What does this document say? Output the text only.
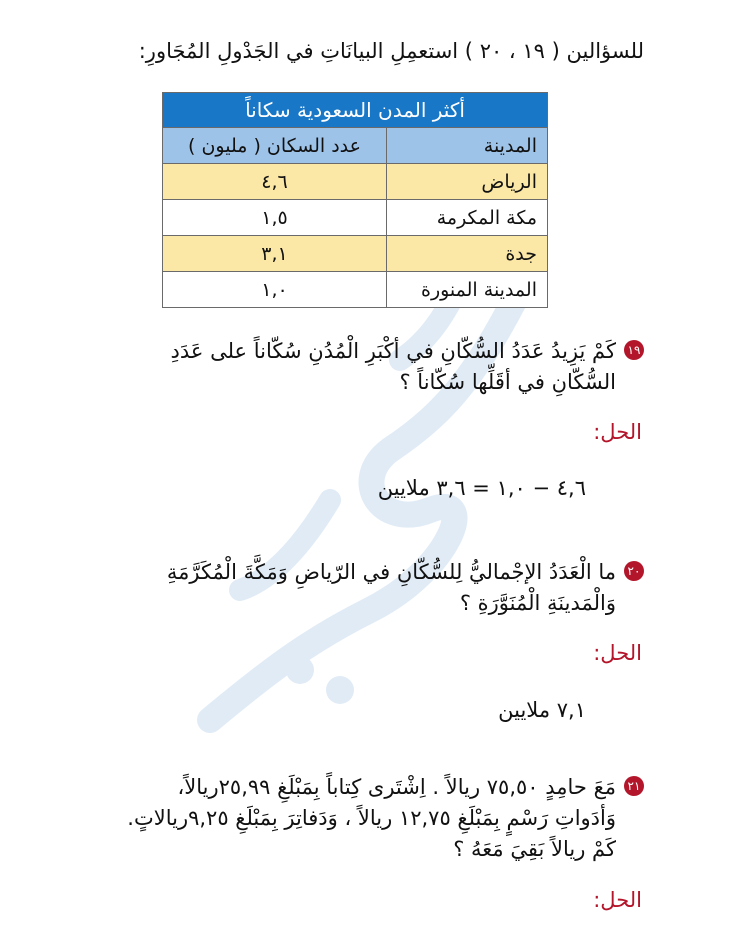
للسؤالين ( ١٩ ، ٢٠ ) استعمِلِ البيانَاتِ في الجَدْولِ المُجَاورِ:
أكثر المدن السعودية سكاناً	
المدينة	عدد السكان ( مليون )
الرياض	٤,٦
مكة المكرمة	١,٥
جدة	٣,١
المدينة المنورة	١,٠
١٩كَمْ يَزِيدُ عَدَدُ السُّكّانِ في أكْبَرِ الْمُدُنِ سُكّاناً على عَدَدِ
السُّكّانِ في أقَلِّها سُكّاناً ؟
الحل:
٤,٦ − ١,٠ = ٣,٦ ملايين
٢٠ما الْعَدَدُ الإجْماليُّ لِلسُّكّانِ في الرّياضِ وَمَكَّةَ الْمُكَرَّمَةِ
وَالْمَدينَةِ الْمُنَوَّرَةِ ؟
الحل:
٧,١ ملايين
٢١مَعَ حامِدٍ ٧٥,٥٠ ريالاً . اِشْتَرى كِتاباً بِمَبْلَغِ ٢٥,٩٩ريالاً،
وَأدَواتِ رَسْمٍ بِمَبْلَغِ ١٢,٧٥ ريالاً ، وَدَفاتِرَ بِمَبْلَغِ ٩,٢٥ريالاتٍ.
كَمْ ريالاً بَقِيَ مَعَهُ ؟
الحل:
